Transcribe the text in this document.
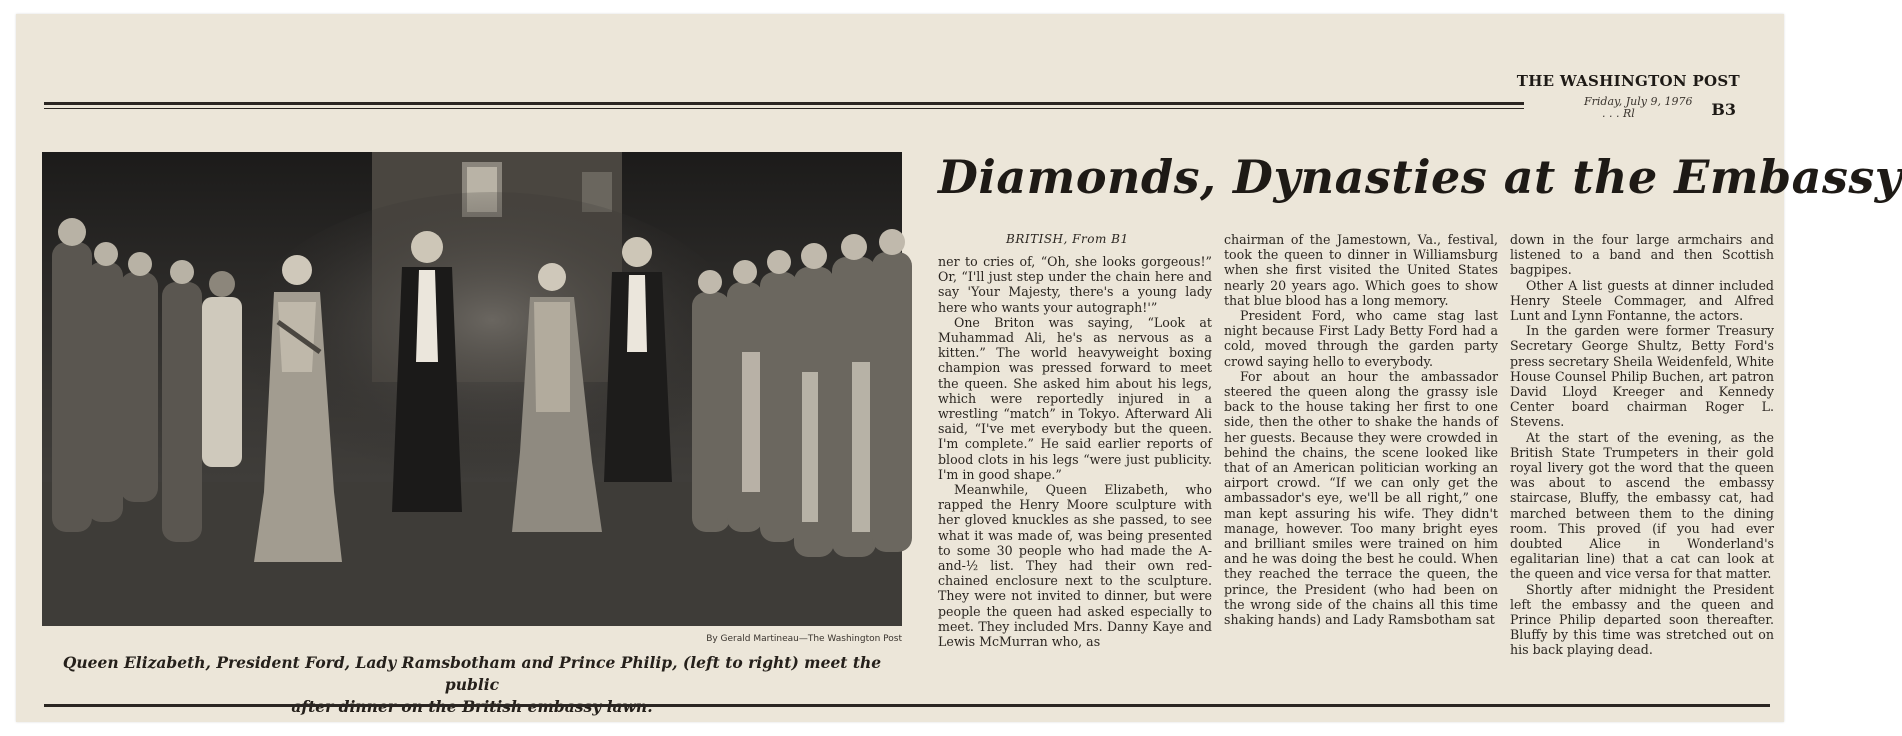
THE WASHINGTON POST
Friday, July 9, 1976
. . . Rl	B3
By Gerald Martineau—The Washington Post
Queen Elizabeth, President Ford, Lady Ramsbotham and Prince Philip, (left to right) meet the public
after dinner on the British embassy lawn.
Diamonds, Dynasties at the Embassy
BRITISH, From B1

ner to cries of, “Oh, she looks gorgeous!” Or, “I'll just step under the chain here and say 'Your Majesty, there's a young lady here who wants your autograph!'”

One Briton was saying, “Look at Muhammad Ali, he's as nervous as a kitten.” The world heavyweight boxing champion was pressed forward to meet the queen. She asked him about his legs, which were reportedly injured in a wrestling “match” in Tokyo. Afterward Ali said, “I've met everybody but the queen. I'm complete.” He said earlier reports of blood clots in his legs “were just publicity. I'm in good shape.”

Meanwhile, Queen Elizabeth, who rapped the Henry Moore sculpture with her gloved knuckles as she passed, to see what it was made of, was being presented to some 30 people who had made the A-and-½ list. They had their own red-chained enclosure next to the sculpture. They were not invited to dinner, but were people the queen had asked especially to meet. They included Mrs. Danny Kaye and Lewis McMurran who, as

chairman of the Jamestown, Va., festival, took the queen to dinner in Williamsburg when she first visited the United States nearly 20 years ago. Which goes to show that blue blood has a long memory.

President Ford, who came stag last night because First Lady Betty Ford had a cold, moved through the garden party crowd saying hello to everybody.

For about an hour the ambassador steered the queen along the grassy isle back to the house taking her first to one side, then the other to shake the hands of her guests. Because they were crowded in behind the chains, the scene looked like that of an American politician working an airport crowd. “If we can only get the ambassador's eye, we'll be all right,” one man kept assuring his wife. They didn't manage, however. Too many bright eyes and brilliant smiles were trained on him and he was doing the best he could. When they reached the terrace the queen, the prince, the President (who had been on the wrong side of the chains all this time shaking hands) and Lady Ramsbotham sat

down in the four large armchairs and listened to a band and then Scottish bagpipes.

Other A list guests at dinner included Henry Steele Commager, and Alfred Lunt and Lynn Fontanne, the actors.

In the garden were former Treasury Secretary George Shultz, Betty Ford's press secretary Sheila Weidenfeld, White House Counsel Philip Buchen, art patron David Lloyd Kreeger and Kennedy Center board chairman Roger L. Stevens.

At the start of the evening, as the British State Trumpeters in their gold royal livery got the word that the queen was about to ascend the embassy staircase, Bluffy, the embassy cat, had marched between them to the dining room. This proved (if you had ever doubted Alice in Wonderland's egalitarian line) that a cat can look at the queen and vice versa for that matter.

Shortly after midnight the President left the embassy and the queen and Prince Philip departed soon thereafter. Bluffy by this time was stretched out on his back playing dead.
